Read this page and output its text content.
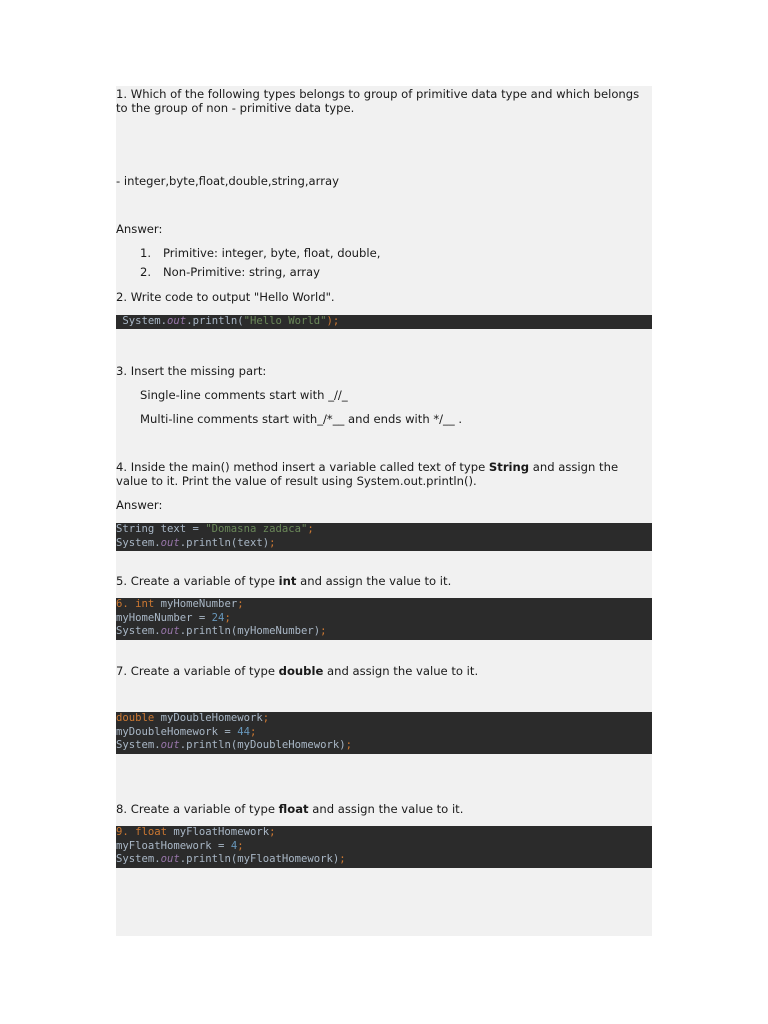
1. Which of the following types belongs to group of primitive data type and which belongs
to the group of non - primitive data type.
- integer,byte,float,double,string,array
Answer:
1. Primitive: integer, byte, float, double,
2. Non-Primitive: string, array
2. Write code to output "Hello World".
System.out.println("Hello World");
3. Insert the missing part:
Single-line comments start with _//_
Multi-line comments start with_/*__ and ends with */__ .
4. Inside the main() method insert a variable called text of type String and assign the
value to it. Print the value of result using System.out.println().
Answer:
String text = "Domasna zadaca";
System.out.println(text);
5. Create a variable of type int and assign the value to it.
6. int myHomeNumber;
myHomeNumber = 24;
System.out.println(myHomeNumber);
7. Create a variable of type double and assign the value to it.
double myDoubleHomework;
myDoubleHomework = 44;
System.out.println(myDoubleHomework);
8. Create a variable of type float and assign the value to it.
9. float myFloatHomework;
myFloatHomework = 4;
System.out.println(myFloatHomework);
